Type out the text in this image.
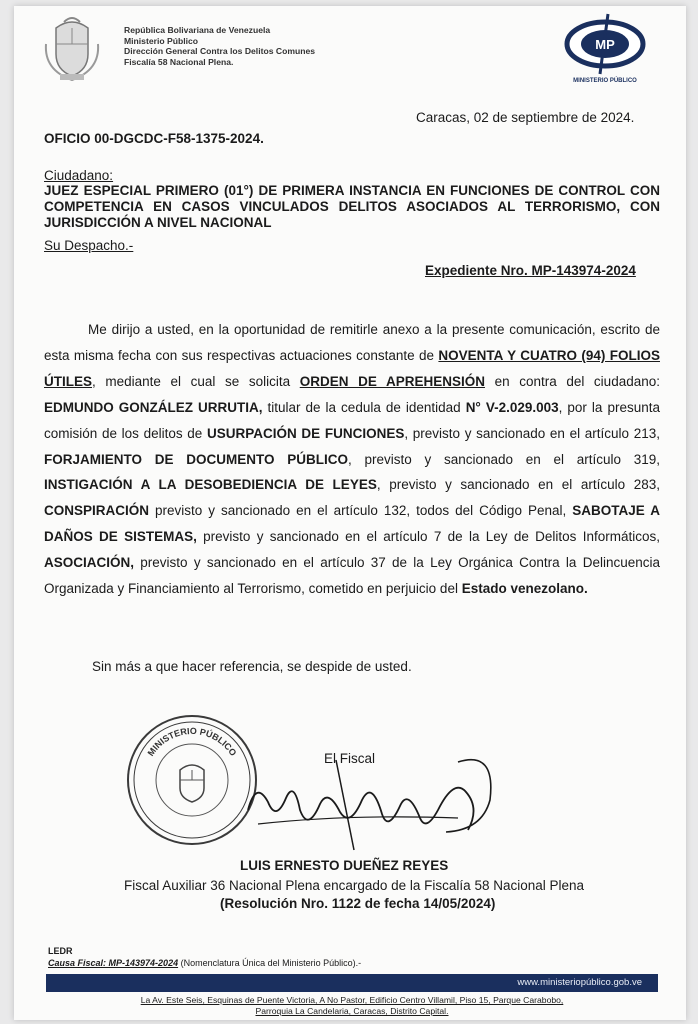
República Bolivariana de Venezuela
Ministerio Público
Dirección General Contra los Delitos Comunes
Fiscalía 58 Nacional Plena.
MP
MINISTERIO PÚBLICO
Caracas, 02 de septiembre de 2024.
OFICIO 00-DGCDC-F58-1375-2024.
Ciudadano:
JUEZ ESPECIAL PRIMERO (01°) DE PRIMERA INSTANCIA EN FUNCIONES DE CONTROL CON COMPETENCIA EN CASOS VINCULADOS DELITOS ASOCIADOS AL TERRORISMO, CON JURISDICCIÓN A NIVEL NACIONAL
Su Despacho.-
Expediente Nro. MP-143974-2024
Me dirijo a usted, en la oportunidad de remitirle anexo a la presente comunicación, escrito de esta misma fecha con sus respectivas actuaciones constante de NOVENTA Y CUATRO (94) FOLIOS ÚTILES, mediante el cual se solicita ORDEN DE APREHENSIÓN en contra del ciudadano: EDMUNDO GONZÁLEZ URRUTIA, titular de la cedula de identidad N° V-2.029.003, por la presunta comisión de los delitos de USURPACIÓN DE FUNCIONES, previsto y sancionado en el artículo 213, FORJAMIENTO DE DOCUMENTO PÚBLICO, previsto y sancionado en el artículo 319, INSTIGACIÓN A LA DESOBEDIENCIA DE LEYES, previsto y sancionado en el artículo 283, CONSPIRACIÓN previsto y sancionado en el artículo 132, todos del Código Penal, SABOTAJE A DAÑOS DE SISTEMAS, previsto y sancionado en el artículo 7 de la Ley de Delitos Informáticos, ASOCIACIÓN, previsto y sancionado en el artículo 37 de la Ley Orgánica Contra la Delincuencia Organizada y Financiamiento al Terrorismo, cometido en perjuicio del Estado venezolano.
Sin más a que hacer referencia, se despide de usted.
MINISTERIO PÚBLICO	El Fiscal
LUIS ERNESTO DUEÑEZ REYES
Fiscal Auxiliar 36 Nacional Plena encargado de la Fiscalía 58 Nacional Plena
(Resolución Nro. 1122 de fecha 14/05/2024)
LEDR
Causa Fiscal: MP-143974-2024 (Nomenclatura Única del Ministerio Público).-
www.ministeriopúblico.gob.ve
La Av. Este Seis, Esquinas de Puente Victoria, A No Pastor, Edificio Centro Villamil, Piso 15, Parque Carabobo,
Parroquia La Candelaria, Caracas, Distrito Capital.
